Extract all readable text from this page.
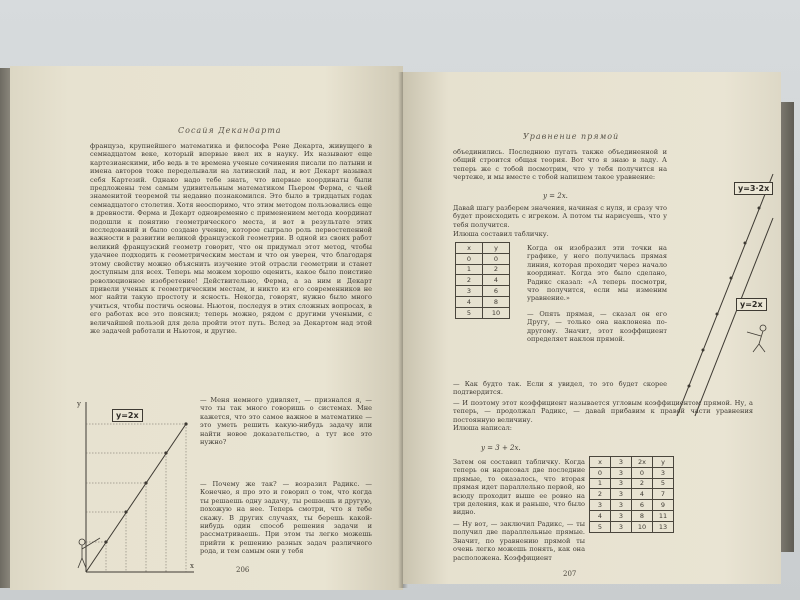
Сосайя Декандарта

француза, крупнейшего математика и философа Рене Декарта, живущего в семнадцатом веке, который впервые ввел их в науку. Их называют еще картезианскими, ибо ведь в те времена ученые сочинения писали по латыни и имена авторов тоже переделывали на латинский лад, и вот Декарт называл себя Картезий. Однако надо тебе знать, что впервые координаты были предложены тем самым удивительным математиком Пьером Ферма, с чьей знаменитой теоремой ты недавно познакомился. Это было в тридцатых годах семнадцатого столетия. Хотя неоспоримо, что этим методом пользовались еще в древности. Ферма и Декарт одновременно с применением метода координат подошли к понятию геометрического места, и вот в результате этих исследований и было создано учение, которое сыграло роль первостепенной важности в развитии великой французской геометрии. В одной из своих работ великий французский геометр говорит, что он придумал этот метод, чтобы удачнее подходить к геометрическим местам и что он уверен, что благодаря этому свойству можно объяснить изучение этой отрасли геометрии и станет доступным для всех. Теперь мы можем хорошо оценить, какое было поистине революционное изобретение! Действительно, Ферма, а за ним и Декарт привели ученых к геометрическим местам, и никто из его современников не мог найти такую простоту и ясность. Некогда, говорят, нужно было много учиться, чтобы постичь основы. Ньютон, последуя в этих сложных вопросах, в его работах все это пояснил; теперь можно, рядом с другими учеными, с величайшей пользой для дела пройти этот путь. Вслед за Декартом над этой же задачей работали и Ньютон, и другие.

— Меня немного удивляет, — признался я, — что ты так много говоришь о системах. Мне кажется, что это самое важное в математике — это уметь решить какую-нибудь задачу или найти новое доказательство, а тут все это нужно?

— Почему же так? — возразил Радикс. — Конечно, я про это и говорил о том, что когда ты решаешь одну задачу, ты решаешь и другую, похожую на нее. Теперь смотри, что я тебе скажу. В других случаях, ты берешь какой-нибудь один способ решения задачи и рассматриваешь. При этом ты легко можешь прийти к решению разных задач различного рода, и тем самым они у тебя

y
x
y=2x
206
Уравнение прямой

объединились. Последнюю пугать также объединенной и общий строится общая теория. Вот что я знаю в ладу. А теперь же с тобой посмотрим, что у тебя получится на чертеже, и мы вместе с тобой напишем такое уравнение:

y = 2x.

Давай шагу разберем значения, начиная с нуля, и сразу что будет происходить с игреком. А потом ты нарисуешь, что у тебя получится.

Илюша составил табличку.

x	y
0	0
1	2
2	4
3	6
4	8
5	10

Когда он изобразил эти точки на графике, у него получилась прямая линия, которая проходит через начало координат. Когда это было сделано, Радикс сказал: «А теперь посмотри, что получится, если мы изменим уравнение.»

— Опять прямая, — сказал он его Другу, — только она наклонена по-другому. Значит, этот коэффициент определяет наклон прямой.

— Как будто так. Если я увидел, то это будет скорее подтвердится.

— И поэтому этот коэффициент называется угловым коэффициентом прямой. Ну, а теперь, — продолжал Радикс, — давай прибавим к правой части уравнения постоянную величину.

Илюша написал:

y = 3 + 2x.

Затем он составил табличку. Когда теперь он нарисовал две последние прямые, то оказалось, что вторая прямая идет параллельно первой, но всюду проходит выше ее ровно на три деления, как и раньше, что было видно.

— Ну вот, — заключил Радикс, — ты получил две параллельные прямые. Значит, по уравнению прямой ты очень легко можешь понять, как она расположена. Коэффициент

x	3	2x	y
0	3	0	3
1	3	2	5
2	3	4	7
3	3	6	9
4	3	8	11
5	3	10	13
y=3·2x
y=2x
207
